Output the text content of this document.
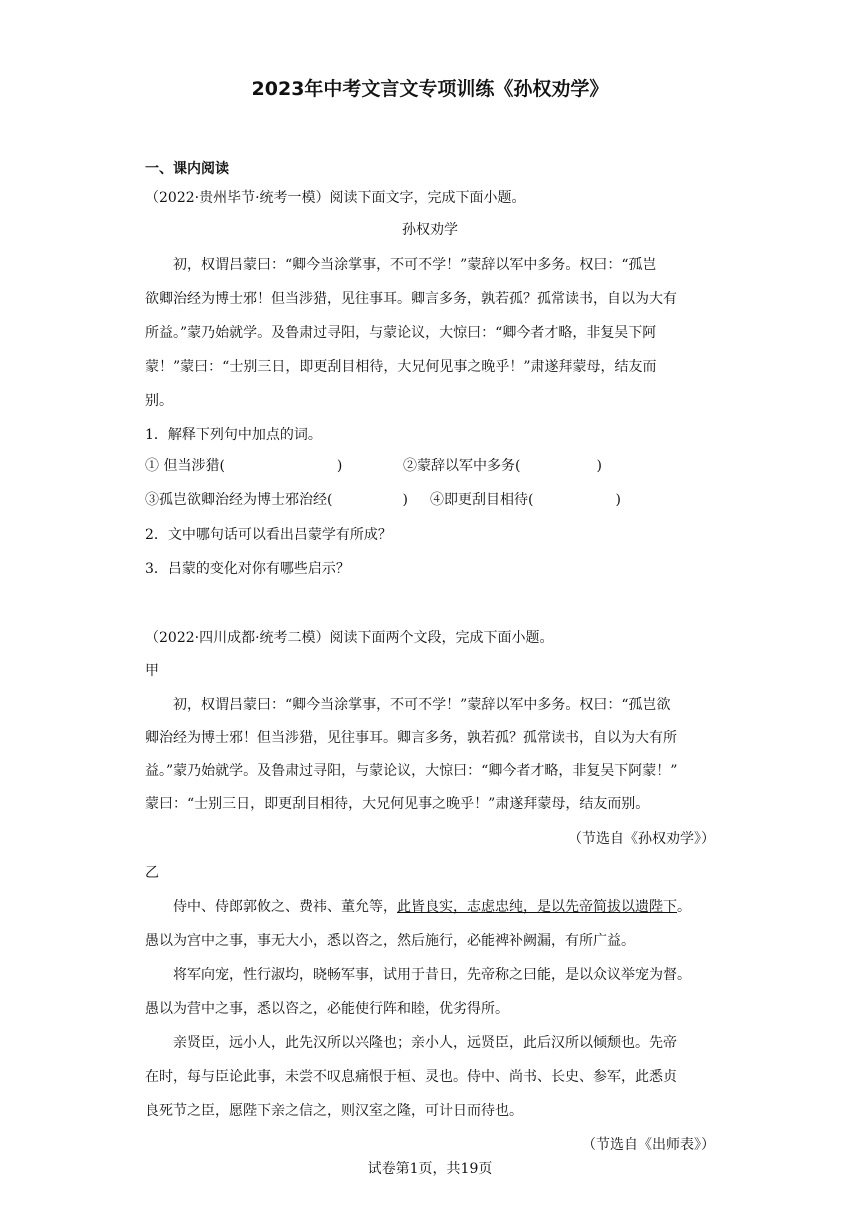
2023年中考文言文专项训练《孙权劝学》
一、课内阅读
（2022·贵州毕节·统考一模）阅读下面文字，完成下面小题。
孙权劝学
初，权谓吕蒙曰：“卿今当涂掌事，不可不学！”蒙辞以军中多务。权曰：“孤岂
欲卿治经为博士邪！但当涉猎，见往事耳。卿言多务，孰若孤？孤常读书，自以为大有
所益。”蒙乃始就学。及鲁肃过寻阳，与蒙论议，大惊曰：“卿今者才略，非复吴下阿
蒙！”蒙曰：“士别三日，即更刮目相待，大兄何见事之晚乎！”肃遂拜蒙母，结友而
别。
1．解释下列句中加点的词。
① 但当涉猎(	)	②蒙辞以军中多务(	)
③孤岂欲卿治经为博士邪治经(	) ④即更刮目相待(	)
2．文中哪句话可以看出吕蒙学有所成？
3．吕蒙的变化对你有哪些启示？
（2022·四川成都·统考二模）阅读下面两个文段，完成下面小题。
甲
初，权谓吕蒙曰：“卿今当涂掌事，不可不学！”蒙辞以军中多务。权曰：“孤岂欲
卿治经为博士邪！但当涉猎，见往事耳。卿言多务，孰若孤？孤常读书，自以为大有所
益。”蒙乃始就学。及鲁肃过寻阳，与蒙论议，大惊曰：“卿今者才略，非复吴下阿蒙！”
蒙曰：“士别三日，即更刮目相待，大兄何见事之晚乎！”肃遂拜蒙母，结友而别。
（节选自《孙权劝学》）
乙
侍中、侍郎郭攸之、费祎、董允等，此皆良实，志虑忠纯，是以先帝简拔以遗陛下。
愚以为宫中之事，事无大小，悉以咨之，然后施行，必能裨补阙漏，有所广益。
将军向宠，性行淑均，晓畅军事，试用于昔日，先帝称之曰能，是以众议举宠为督。
愚以为营中之事，悉以咨之，必能使行阵和睦，优劣得所。
亲贤臣，远小人，此先汉所以兴隆也；亲小人，远贤臣，此后汉所以倾颓也。先帝
在时，每与臣论此事，未尝不叹息痛恨于桓、灵也。侍中、尚书、长史、参军，此悉贞
良死节之臣，愿陛下亲之信之，则汉室之隆，可计日而待也。
（节选自《出师表》）
试卷第1页，共19页
